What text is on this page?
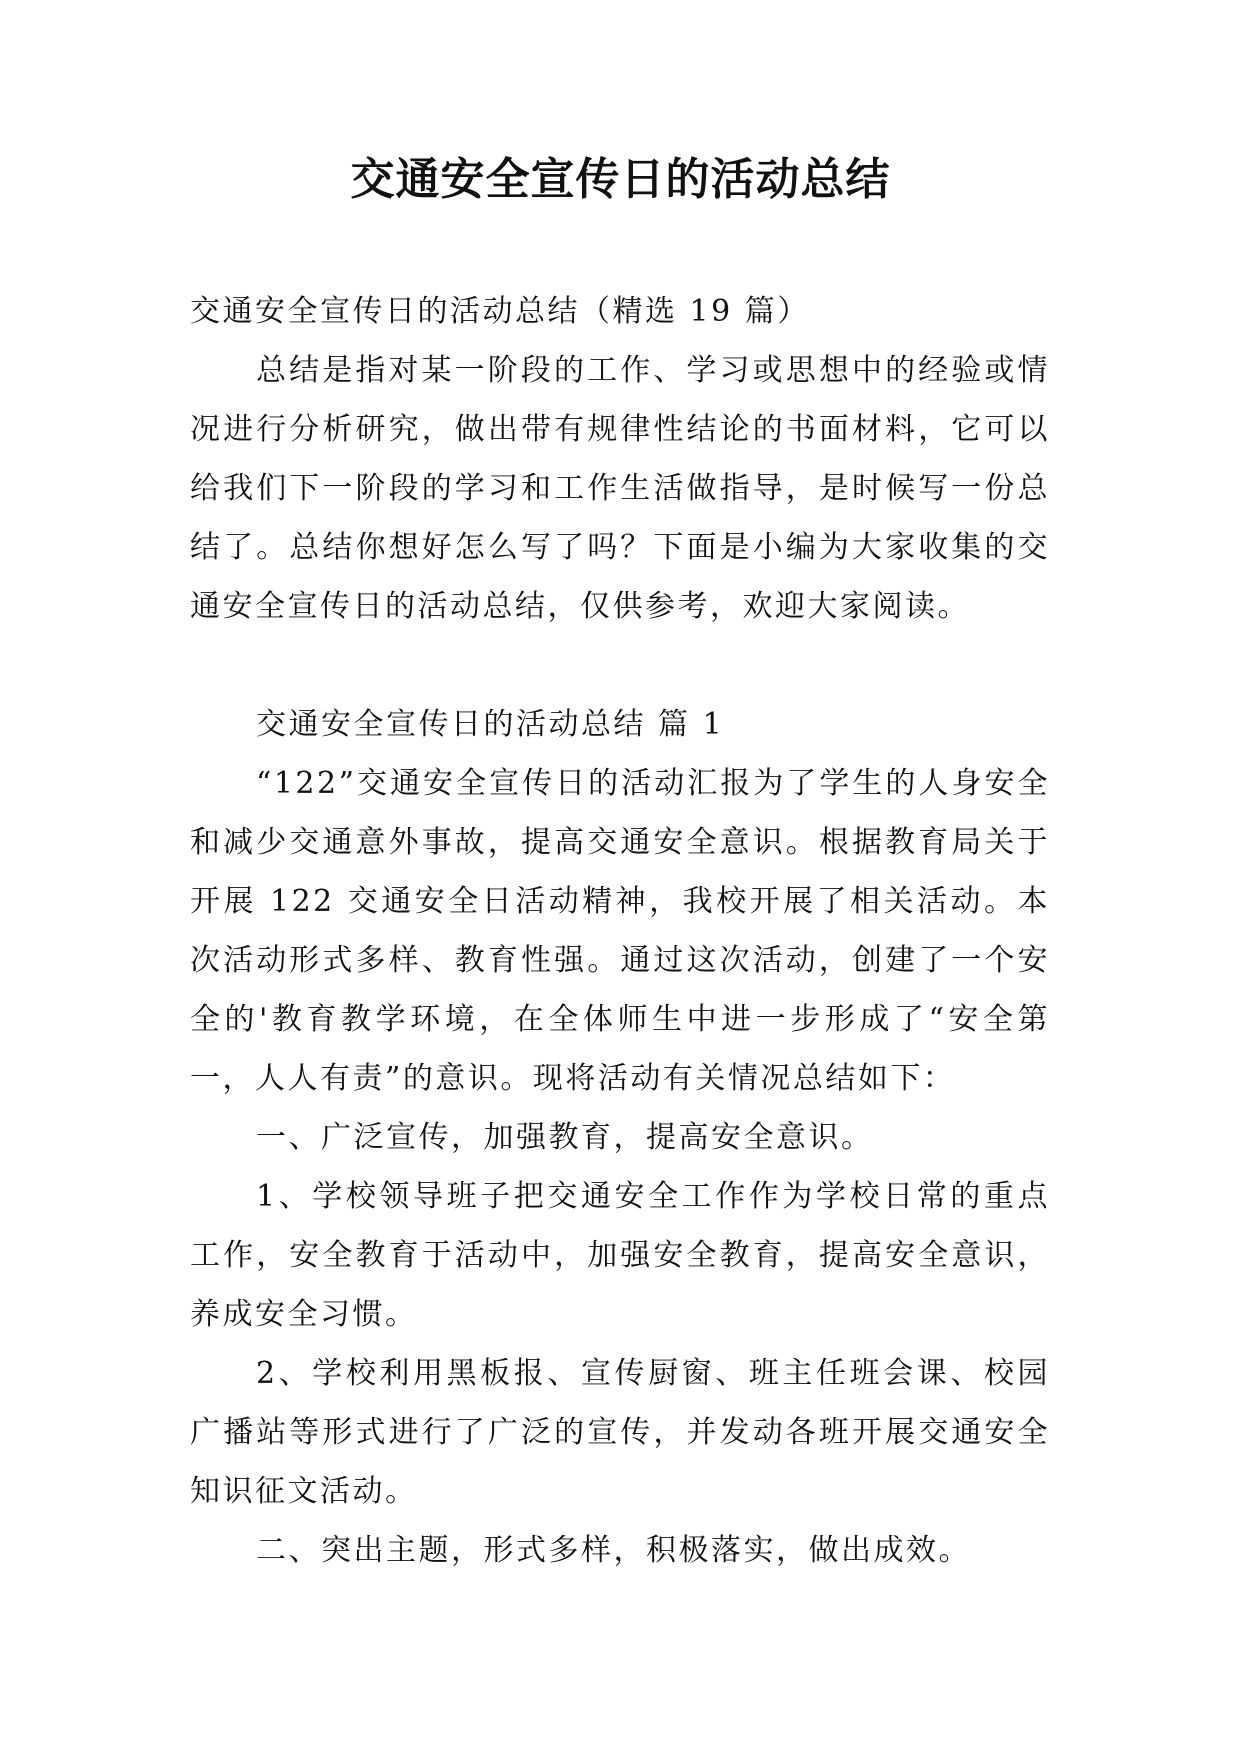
交通安全宣传日的活动总结

交通安全宣传日的活动总结（精选 19 篇）

总结是指对某一阶段的工作、学习或思想中的经验或情况进行分析研究，做出带有规律性结论的书面材料，它可以给我们下一阶段的学习和工作生活做指导，是时候写一份总结了。总结你想好怎么写了吗？下面是小编为大家收集的交通安全宣传日的活动总结，仅供参考，欢迎大家阅读。

交通安全宣传日的活动总结 篇 1

“122”交通安全宣传日的活动汇报为了学生的人身安全和减少交通意外事故，提高交通安全意识。根据教育局关于开展 122 交通安全日活动精神，我校开展了相关活动。本次活动形式多样、教育性强。通过这次活动，创建了一个安全的'教育教学环境，在全体师生中进一步形成了“安全第一，人人有责”的意识。现将活动有关情况总结如下：

一、广泛宣传，加强教育，提高安全意识。

1、学校领导班子把交通安全工作作为学校日常的重点工作，安全教育于活动中，加强安全教育，提高安全意识，养成安全习惯。

2、学校利用黑板报、宣传厨窗、班主任班会课、校园广播站等形式进行了广泛的宣传，并发动各班开展交通安全知识征文活动。

二、突出主题，形式多样，积极落实，做出成效。
